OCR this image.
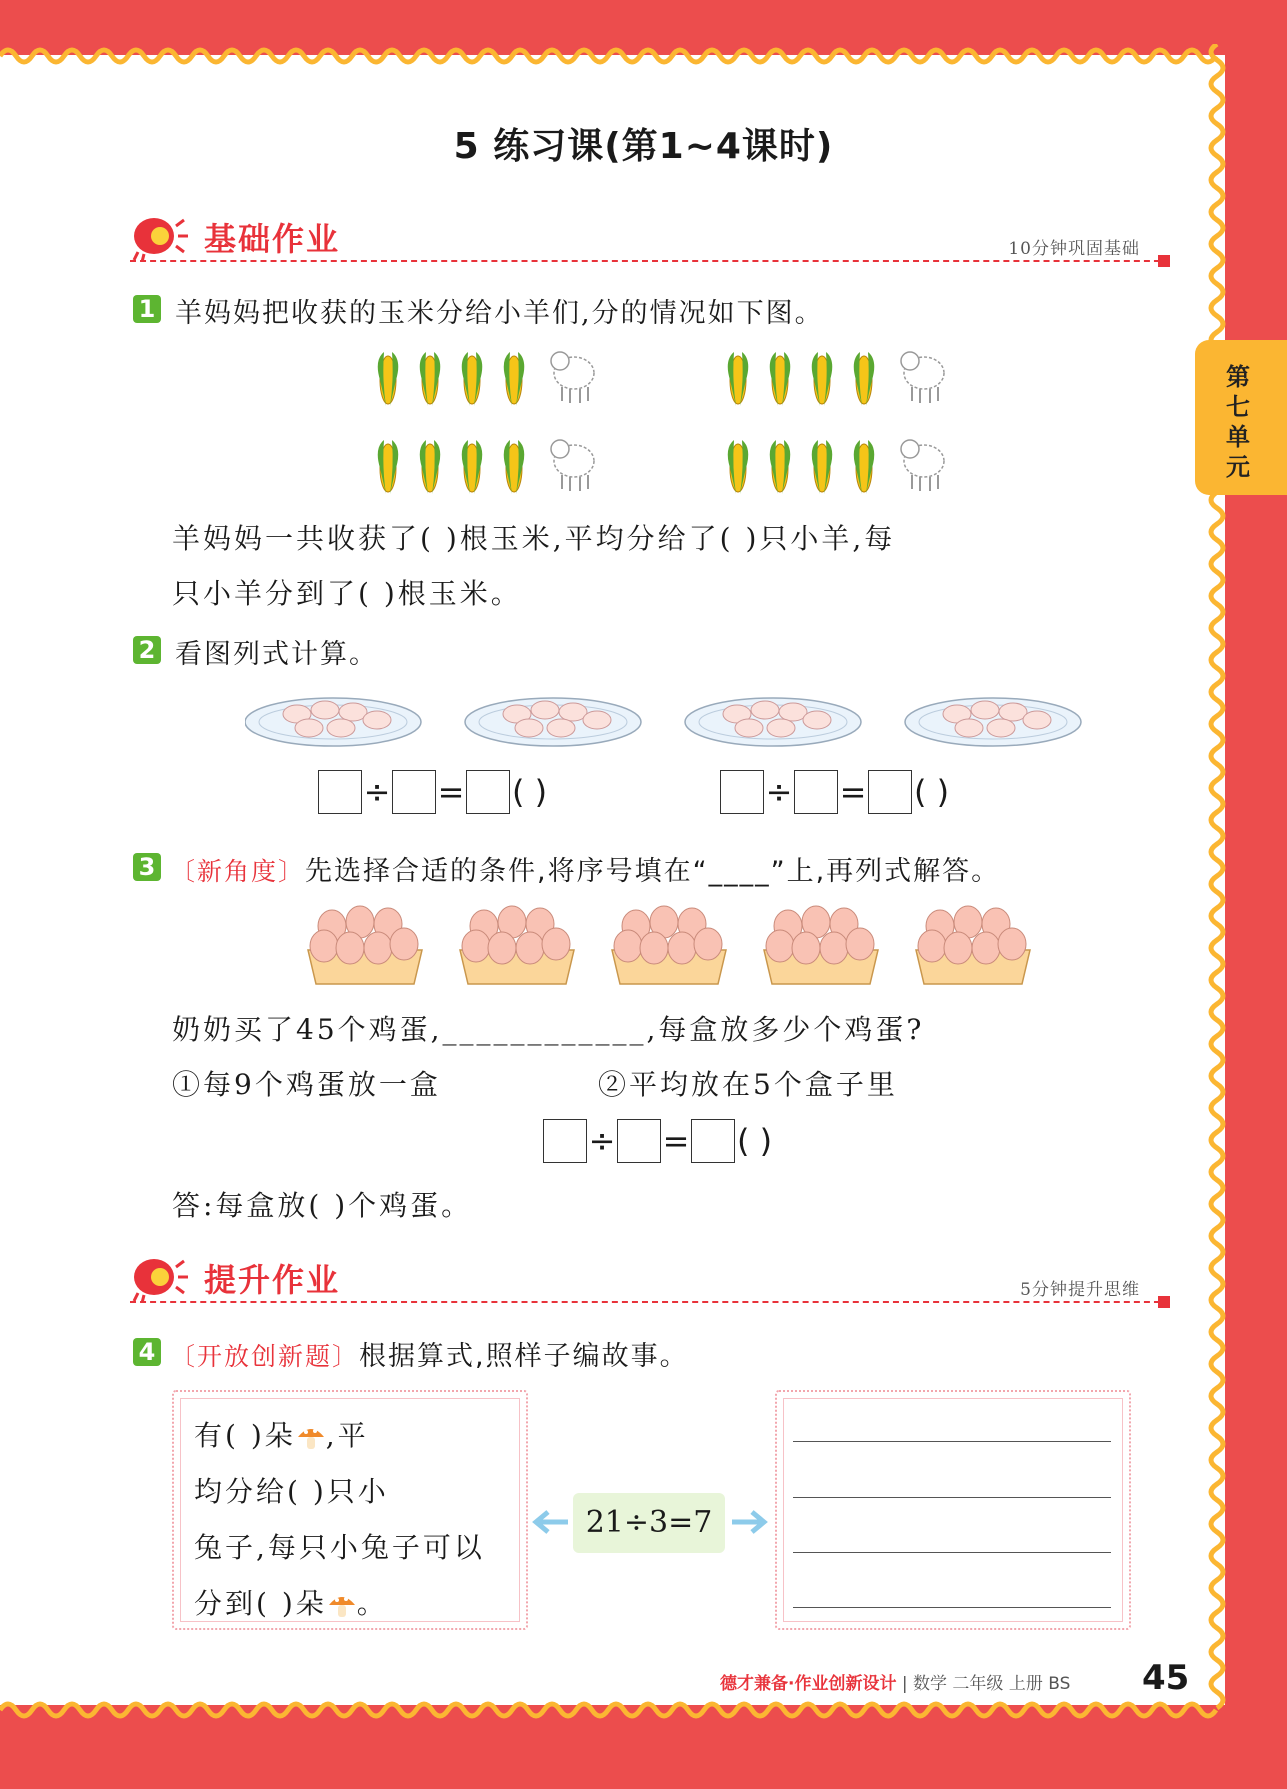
5 练习课(第1~4课时)
第七单元
基础作业	10分钟巩固基础
1 羊妈妈把收获的玉米分给小羊们,分的情况如下图。
羊妈妈一共收获了( )根玉米,平均分给了( )只小羊,每
只小羊分到了( )根玉米。
2 看图列式计算。
÷ = ( )	÷ = ( )
3 〔新角度〕先选择合适的条件,将序号填在“____”上,再列式解答。
奶奶买了45个鸡蛋,____________,每盒放多少个鸡蛋?
①每9个鸡蛋放一盒	②平均放在5个盒子里
÷ = ( )
答:每盒放( )个鸡蛋。
提升作业	5分钟提升思维
4 〔开放创新题〕根据算式,照样子编故事。
有( )朵 ,平
均分给( )只小
兔子,每只小兔子可以
分到( )朵 。
21÷3=7
德才兼备·作业创新设计 | 数学 二年级 上册 BS 45
